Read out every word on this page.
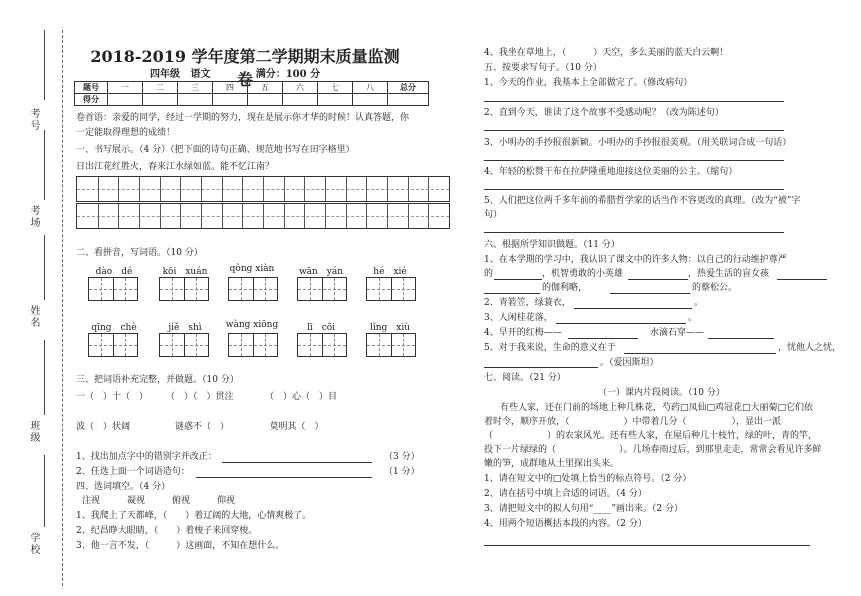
考号
考场
姓名
班级
学校
2018-2019 学年度第二学期期末质量监测卷
四年级 语文	满分：100 分
题号	一	二	三	四	五	六	七	八	总分
得分									
卷首语：亲爱的同学，经过一学期的努力，现在是展示你才华的时候！认真答题，你
一定能取得理想的成绩！
一、书写展示。（4 分）（把下面的诗句正确、规范地书写在田字格里）
日出江花红胜火，春来江水绿如蓝。能不忆江南？
二、看拼音，写词语。（10 分）
dào　dé	kōi　xuán	qòng xiàn	wān　yán	hé　xié
qīng　chè	jiě　shì	wàng xiōng	lī　cōi	lǐng　xiù
三、把词语补充完整，并做题。（10 分）
一（　）十（　）　　　（　）（　）贯注　　　　（　）心（　）目
波（　）状阔　　　　　谜惑不（　）　　　　　莫明其（　）
1、找出加点字中的错别字并改正：	（3 分）
2、任选上面一个词语造句：	（1 分）
四、选词填空。（4 分）
注视　　　凝视　　　俯视　　　仰视
1、我爬上了天都峰，（　　）着辽阔的大地，心情爽极了。
2、纪昌睁大眼睛，（　　）着梭子来回穿梭。
3、他一言不发，（　　　）这画面，不知在想什么。
4、我坐在草地上，（　　　）天空，多么美丽的蓝天白云啊！
五、按要求写句子。（10 分）
1、今天的作业，我基本上全部做完了。（修改病句）
2、直到今天，谁读了这个故事不受感动呢？（改为陈述句）
3、小明办的手抄报很新颖。小明办的手抄报很美观。（用关联词合成一句话）
4、年轻的松赞干布在拉萨隆重地迎接这位美丽的公主。（缩句）
5、人们把这位两千多年前的希腊哲学家的话当作不容更改的真理。（改为“被”字
句）
六、根据所学知识做题。（11 分）
1、在本学期的学习中，我认识了课文中的许多人物：以自己的行动维护尊严
的	，机智勇敢的小英雄	，热爱生活的盲女孩
的伽利略，	的蔡松公。
2、青箬笠，绿蓑衣，	。
3、人闲桂花落，	。
4、早开的红梅——	水滴石穿——
5、对于我来说，生命的意义在于	，忧他人之忧，
。（爱因斯坦）
七、阅读。（21 分）
（一）课内片段阅读。（10 分）
有些人家，还在门前的场地上种几株花，芍药□凤仙□鸡冠花□大丽菊□它们依
着时令，顺序开放，（　　　　　　）中带着几分（　　　　　），显出一派
（　　　　　　）的农家风光。还有些人家，在屋后种几十枝竹，绿的叶，青的竿，
投下一片绿绿的（　　　　　　　）。几场春雨过后，到那里走走，常常会看见许多鲜
嫩的笋，成群地从土里探出头来。
1、请在短文中的□处填上恰当的标点符号。（2 分）
2、请在括号中填上合适的词语。（4 分）
3、请把短文中的拟人句用“____”画出来。（2 分）
4、用两个短语概括本段的内容。（2 分）
